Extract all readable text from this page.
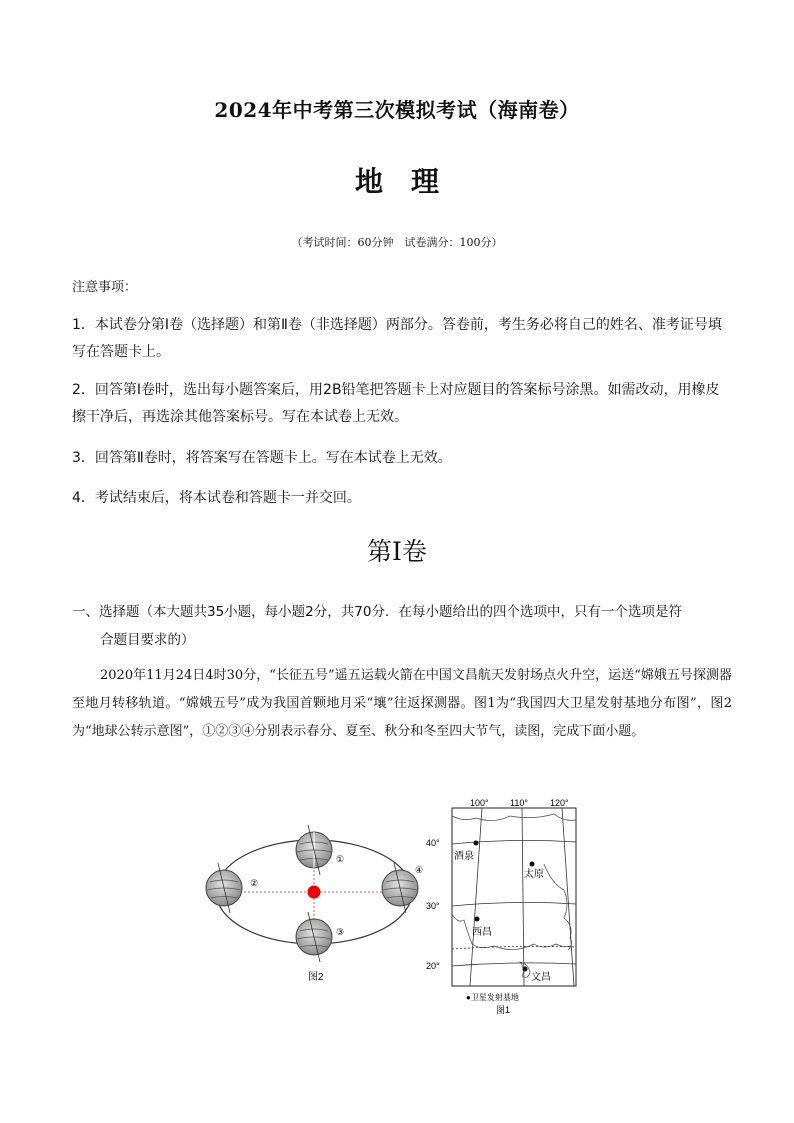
2024年中考第三次模拟考试（海南卷）
地理
（考试时间：60分钟　试卷满分：100分）
注意事项：
1．本试卷分第Ⅰ卷（选择题）和第Ⅱ卷（非选择题）两部分。答卷前，考生务必将自己的姓名、准考证号填写在答题卡上。
2．回答第Ⅰ卷时，选出每小题答案后，用2B铅笔把答题卡上对应题目的答案标号涂黑。如需改动，用橡皮擦干净后，再选涂其他答案标号。写在本试卷上无效。
3．回答第Ⅱ卷时，将答案写在答题卡上。写在本试卷上无效。
4．考试结束后，将本试卷和答题卡一并交回。
第Ⅰ卷
一、选择题（本大题共35小题，每小题2分，共70分．在每小题给出的四个选项中，只有一个选项是符
合题目要求的）
2020年11月24日4时30分，“长征五号”遥五运载火箭在中国文昌航天发射场点火升空，运送“嫦娥五号探测器至地月转移轨道。“嫦娥五号”成为我国首颗地月采“壤”往返探测器。图1为“我国四大卫星发射基地分布图”，图2为“地球公转示意图”，①②③④分别表示春分、夏至、秋分和冬至四大节气，读图，完成下面小题。
①
②
④
③
图2
100° 110° 120°
40°
30°
20°
酒泉
太原
西昌
文昌
●卫星发射基地
图1
